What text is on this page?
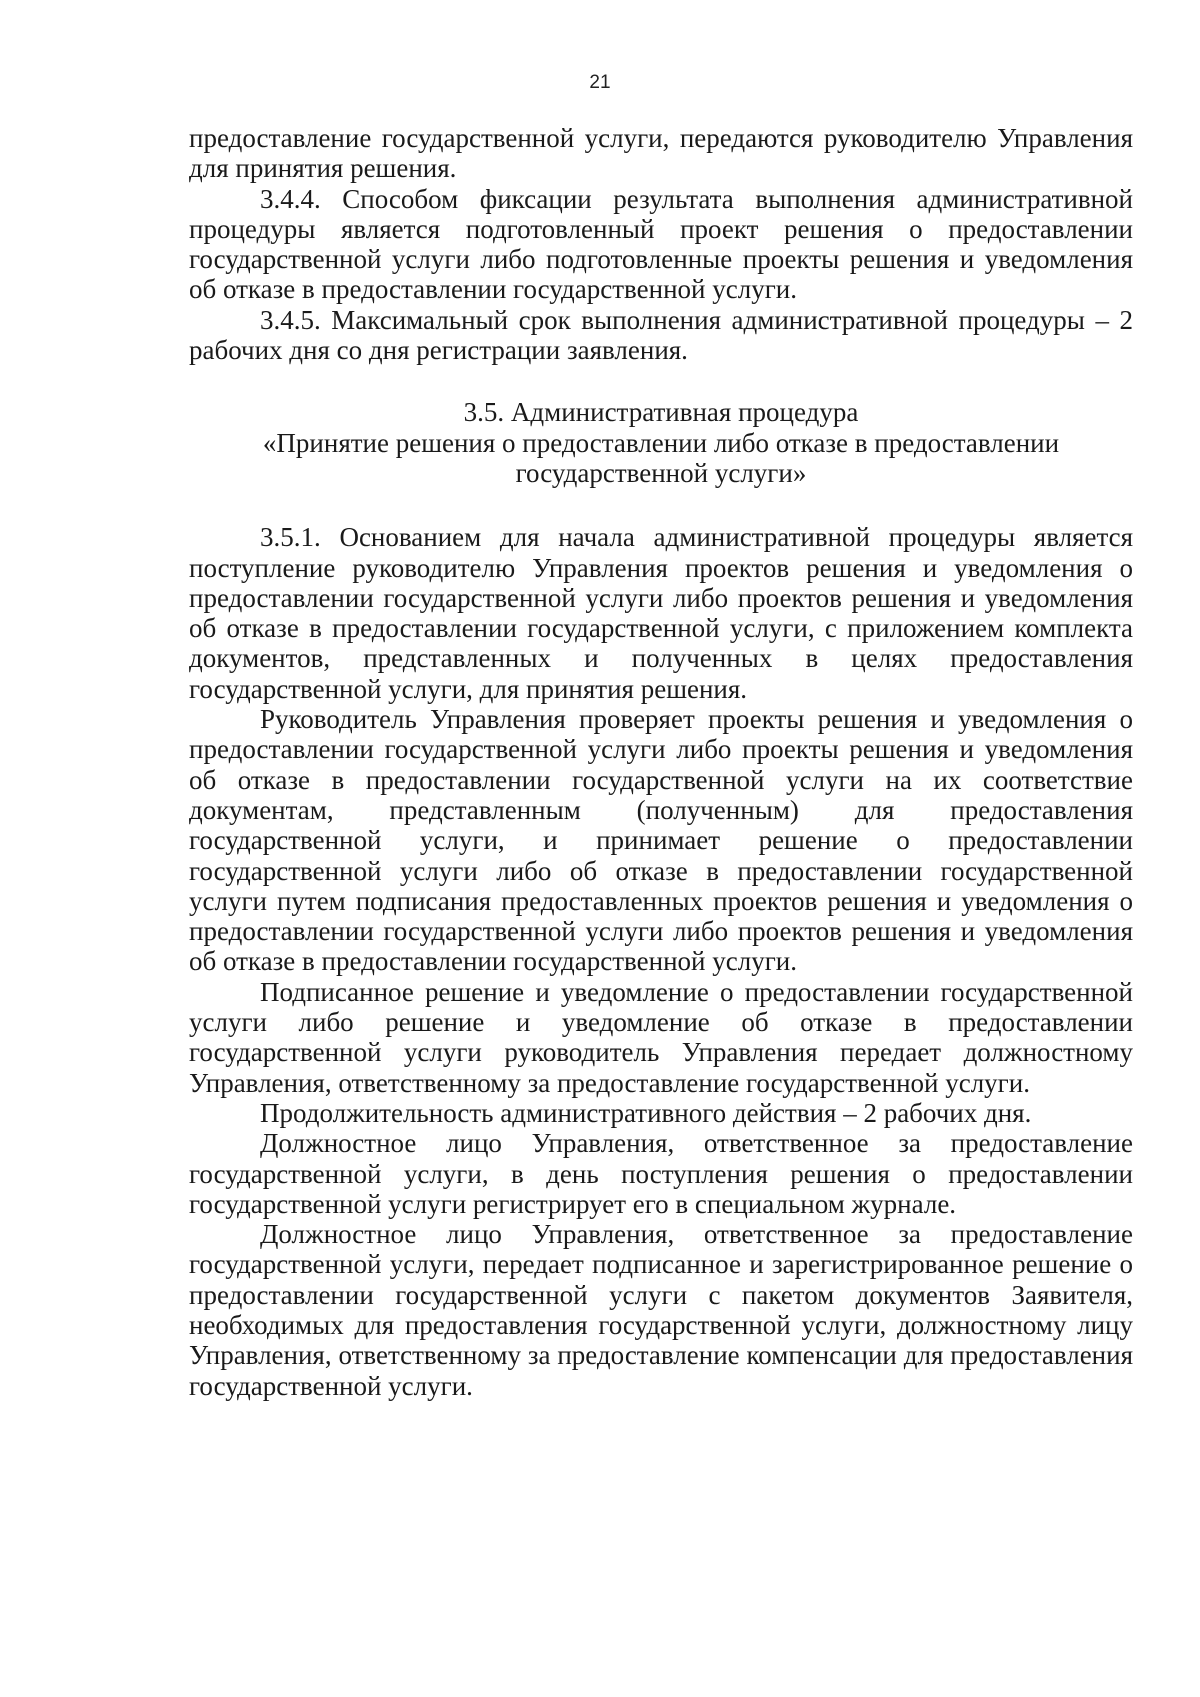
21

предоставление государственной услуги, передаются руководителю Управления для принятия решения.

3.4.4. Способом фиксации результата выполнения административной процедуры является подготовленный проект решения о предоставлении государственной услуги либо подготовленные проекты решения и уведомления об отказе в предоставлении государственной услуги.

3.4.5. Максимальный срок выполнения административной процедуры – 2 рабочих дня со дня регистрации заявления.

3.5. Административная процедура

«Принятие решения о предоставлении либо отказе в предоставлении

государственной услуги»

3.5.1. Основанием для начала административной процедуры является поступление руководителю Управления проектов решения и уведомления о предоставлении государственной услуги либо проектов решения и уведомления об отказе в предоставлении государственной услуги, с приложением комплекта документов, представленных и полученных в целях предоставления государственной услуги, для принятия решения.

Руководитель Управления проверяет проекты решения и уведомления о предоставлении государственной услуги либо проекты решения и уведомления об отказе в предоставлении государственной услуги на их соответствие документам, представленным (полученным) для предоставления государственной услуги, и принимает решение о предоставлении государственной услуги либо об отказе в предоставлении государственной услуги путем подписания предоставленных проектов решения и уведомления о предоставлении государственной услуги либо проектов решения и уведомления об отказе в предоставлении государственной услуги.

Подписанное решение и уведомление о предоставлении государственной услуги либо решение и уведомление об отказе в предоставлении государственной услуги руководитель Управления передает должностному Управления, ответственному за предоставление государственной услуги.

Продолжительность административного действия – 2 рабочих дня.

Должностное лицо Управления, ответственное за предоставление государственной услуги, в день поступления решения о предоставлении государственной услуги регистрирует его в специальном журнале.

Должностное лицо Управления, ответственное за предоставление государственной услуги, передает подписанное и зарегистрированное решение о предоставлении государственной услуги с пакетом документов Заявителя, необходимых для предоставления государственной услуги, должностному лицу Управления, ответственному за предоставление компенсации для предоставления государственной услуги.
